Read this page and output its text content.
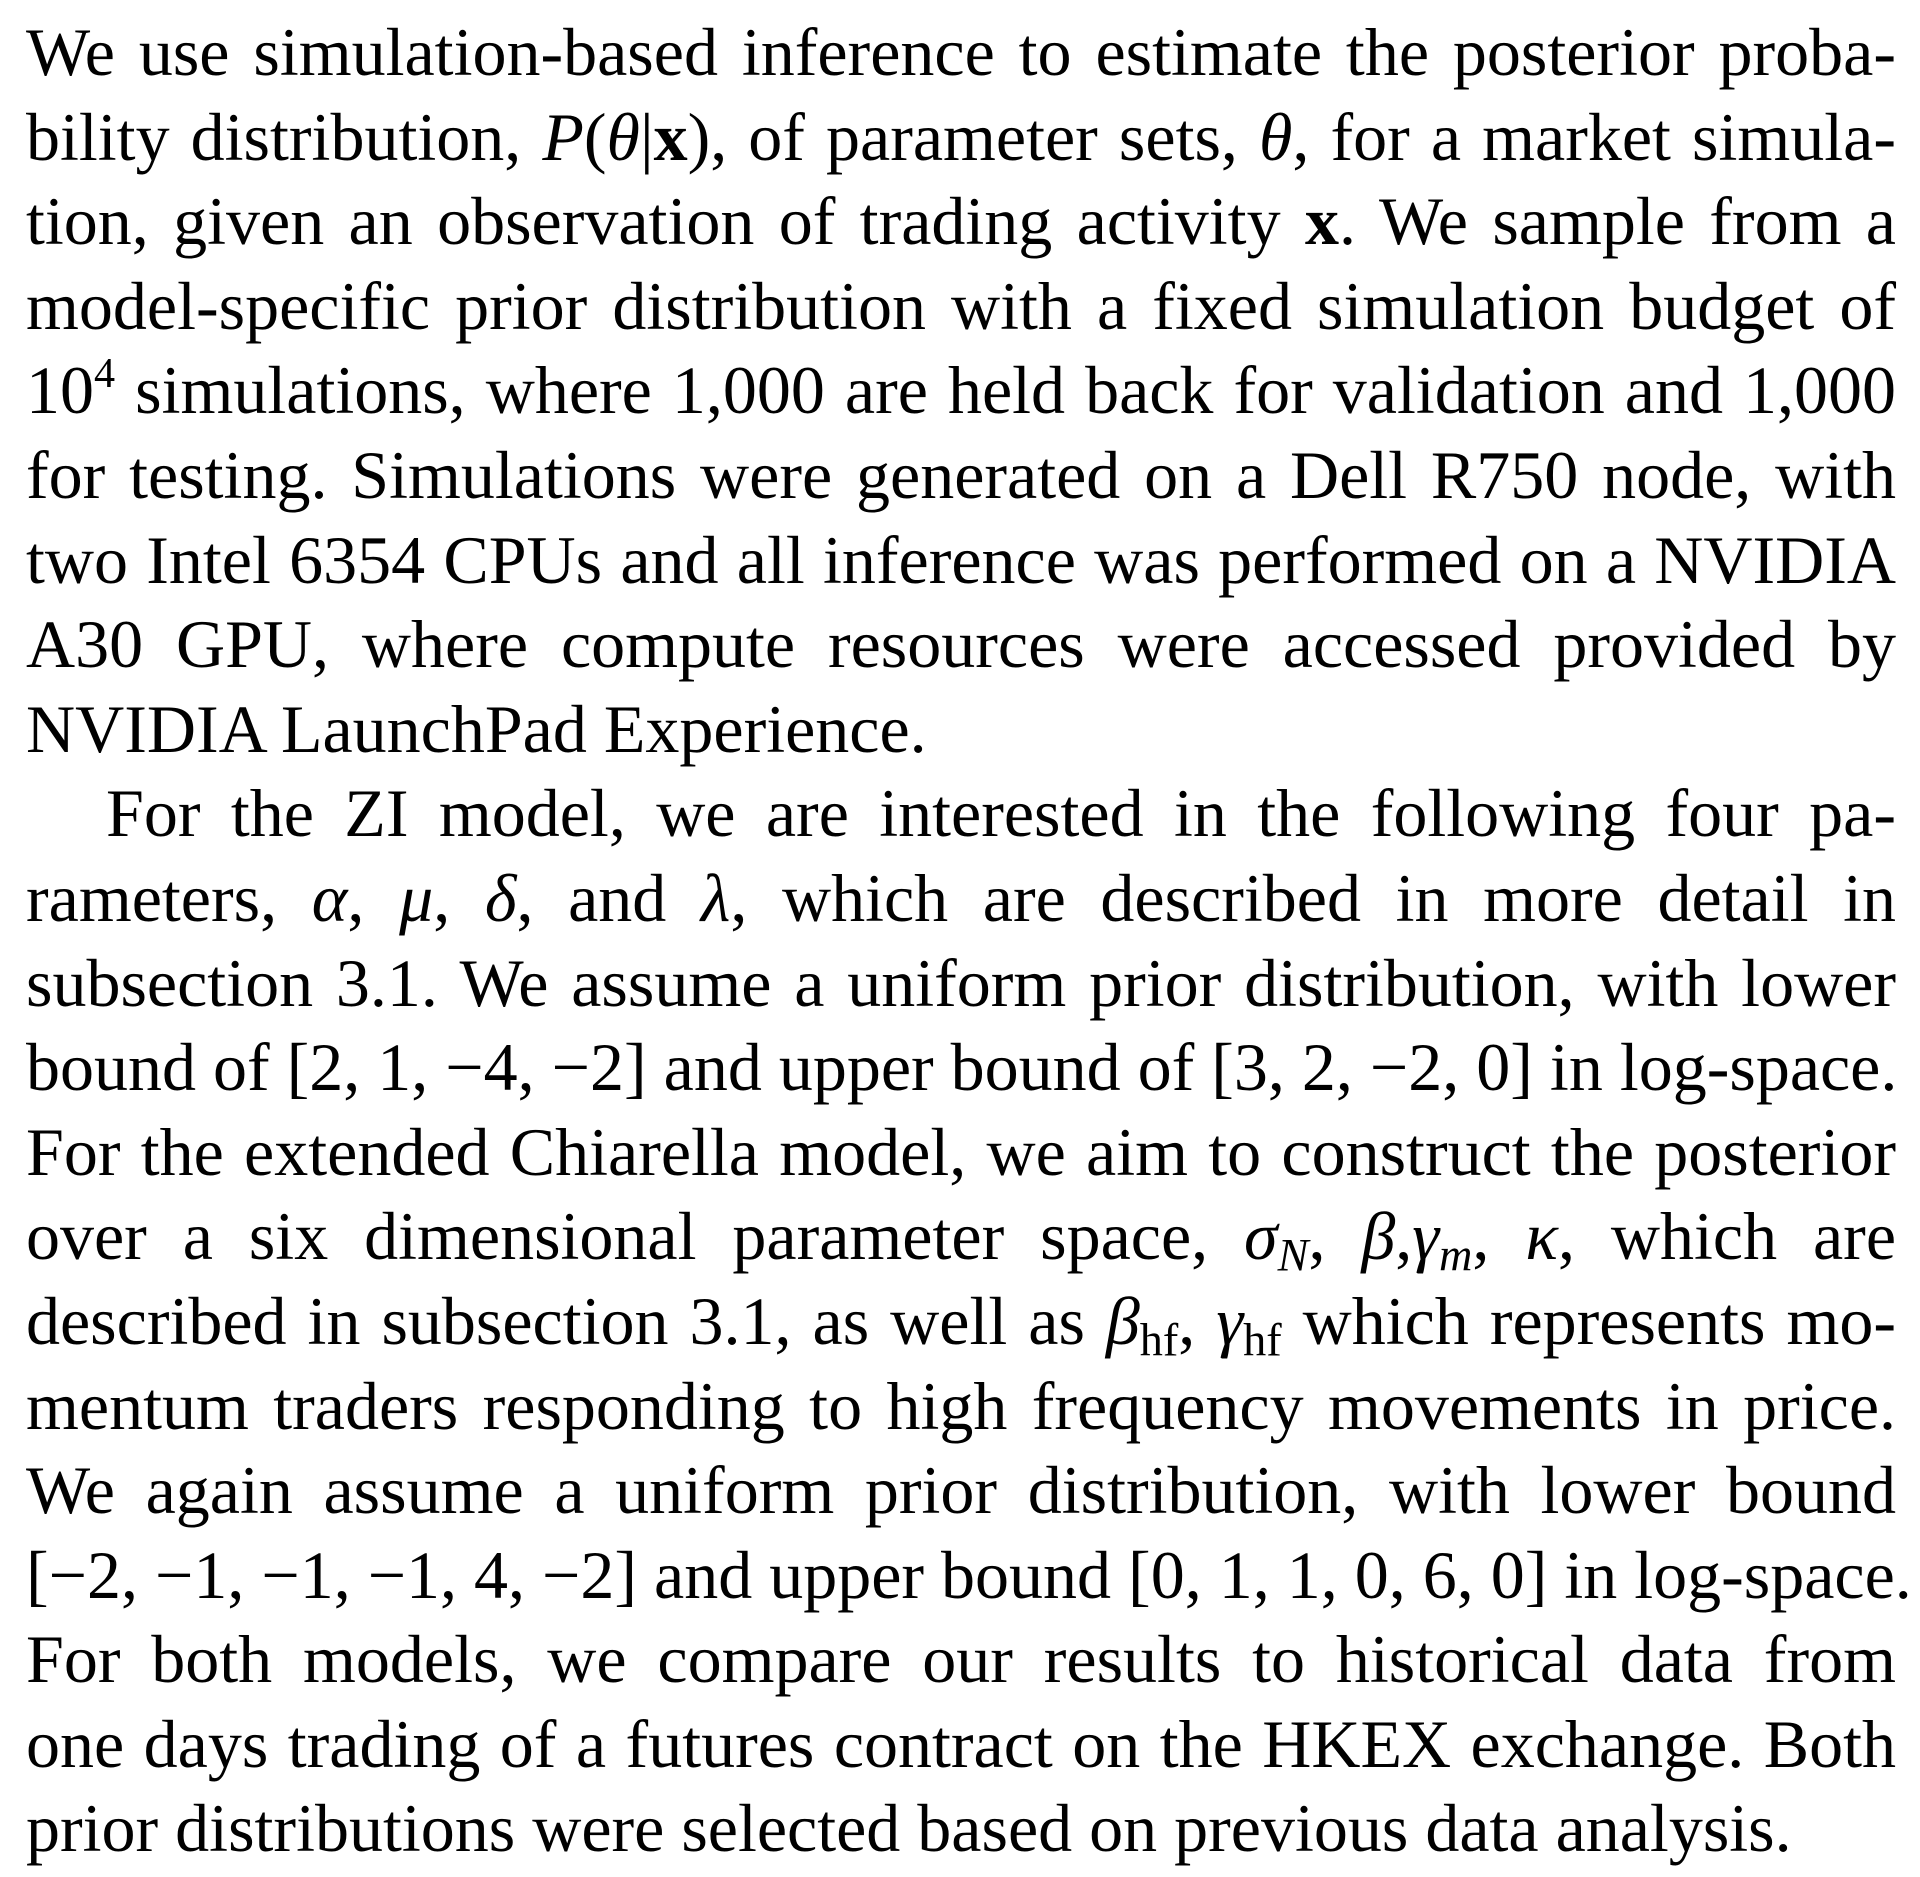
We use simulation-based inference to estimate the posterior proba-
bility distribution, P(θ|x), of parameter sets, θ, for a market simula-
tion, given an observation of trading activity x. We sample from a
model-specific prior distribution with a fixed simulation budget of
$10^4$ simulations, where 1,000 are held back for validation and 1,000
for testing. Simulations were generated on a Dell R750 node, with
two Intel 6354 CPUs and all inference was performed on a NVIDIA
A30 GPU, where compute resources were accessed provided by
NVIDIA LaunchPad Experience.
For the ZI model, we are interested in the following four pa-
rameters, α, μ, δ, and λ, which are described in more detail in
subsection 3.1. We assume a uniform prior distribution, with lower
bound of [2, 1, −4, −2] and upper bound of [3, 2, −2, 0] in log-space.
For the extended Chiarella model, we aim to construct the posterior
over a six dimensional parameter space, $\sigma_N$, $\beta,\gamma_m$, κ, which are
described in subsection 3.1, as well as $\beta_{hf}$, $\gamma_{hf}$ which represents mo-
mentum traders responding to high frequency movements in price.
We again assume a uniform prior distribution, with lower bound
[−2, −1, −1, −1, 4, −2] and upper bound [0, 1, 1, 0, 6, 0] in log-space.
For both models, we compare our results to historical data from
one days trading of a futures contract on the HKEX exchange. Both
prior distributions were selected based on previous data analysis.
